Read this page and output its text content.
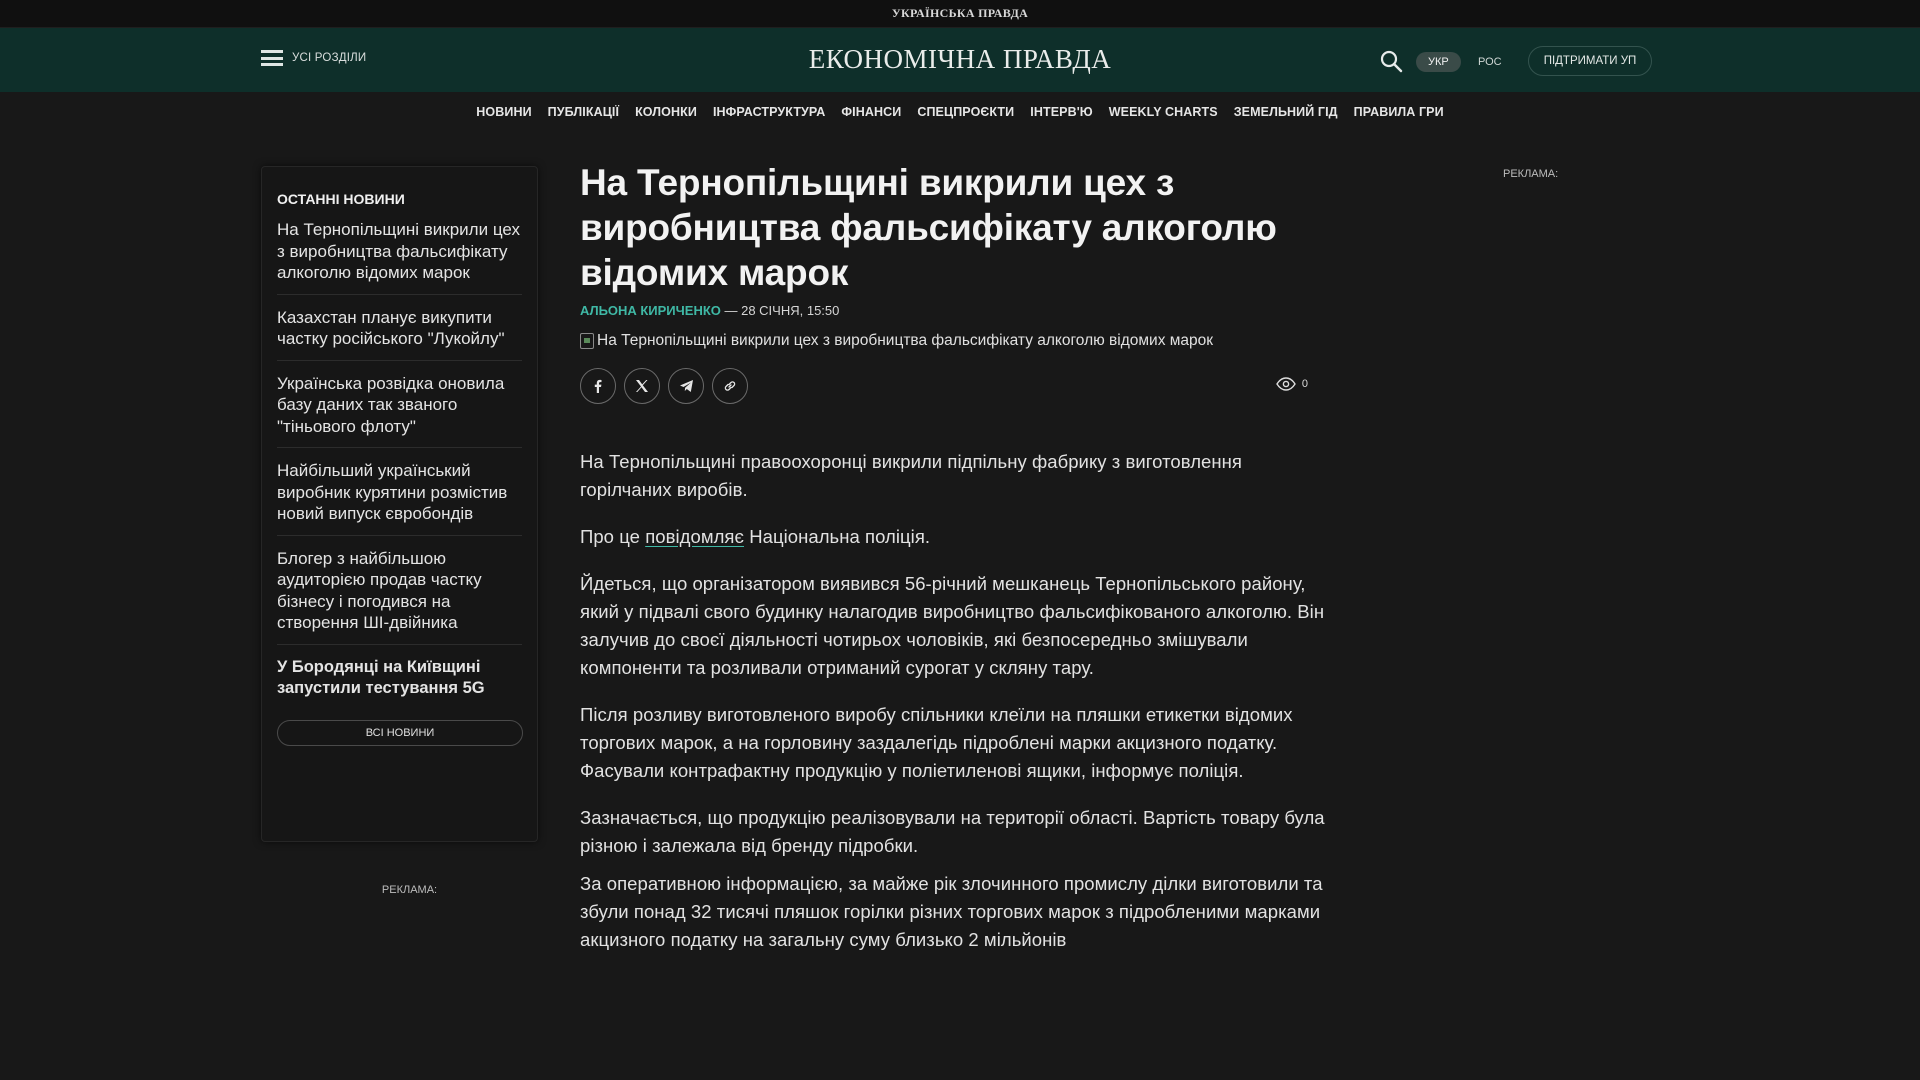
УКРАЇНСЬКА ПРАВДА
УСІ РОЗДІЛИ	ЕКОНОМІЧНА ПРАВДА	УКР	РОС	ПІДТРИМАТИ УП
НОВИНИ ПУБЛІКАЦІЇ КОЛОНКИ ІНФРАСТРУКТУРА ФІНАНСИ СПЕЦПРОЄКТИ ІНТЕРВ'Ю WEEKLY CHARTS ЗЕМЕЛЬНИЙ ГІД ПРАВИЛА ГРИ
ОСТАННІ НОВИНИ
На Тернопільщині викрили цех з виробництва фальсифікату алкоголю відомих марок
Казахстан планує викупити частку російського "Лукойлу"
Українська розвідка оновила базу даних так званого "тіньового флоту"
Найбільший український виробник курятини розмістив новий випуск євробондів
Блогер з найбільшою аудиторією продав частку бізнесу і погодився на створення ШІ-двійника
У Бородянці на Київщині запустили тестування 5G
ВСІ НОВИНИ
РЕКЛАМА:
РЕКЛАМА:
На Тернопільщині викрили цех з виробництва фальсифікату алкоголю відомих марок
АЛЬОНА КИРИЧЕНКО — 28 СІЧНЯ, 15:50
На Тернопільщині викрили цех з виробництва фальсифікату алкоголю відомих марок
0

На Тернопільщині правоохоронці викрили підпільну фабрику з виготовлення горілчаних виробів.

Про це повідомляє Національна поліція.

Йдеться, що організатором виявився 56-річний мешканець Тернопільського району, який у підвалі свого будинку налагодив виробництво фальсифікованого алкоголю. Він залучив до своєї діяльності чотирьох чоловіків, які безпосередньо змішували компоненти та розливали отриманий сурогат у скляну тару.

Після розливу виготовленого виробу спільники клеїли на пляшки етикетки відомих торгових марок, а на горловину заздалегідь підроблені марки акцизного податку. Фасували контрафактну продукцію у поліетиленові ящики, інформує поліція.

Зазначається, що продукцію реалізовували на території області. Вартість товару була різною і залежала від бренду підробки.

За оперативною інформацією, за майже рік злочинного промислу ділки виготовили та збули понад 32 тисячі пляшок горілки різних торгових марок з підробленими марками акцизного податку на загальну суму близько 2 мільйонів
